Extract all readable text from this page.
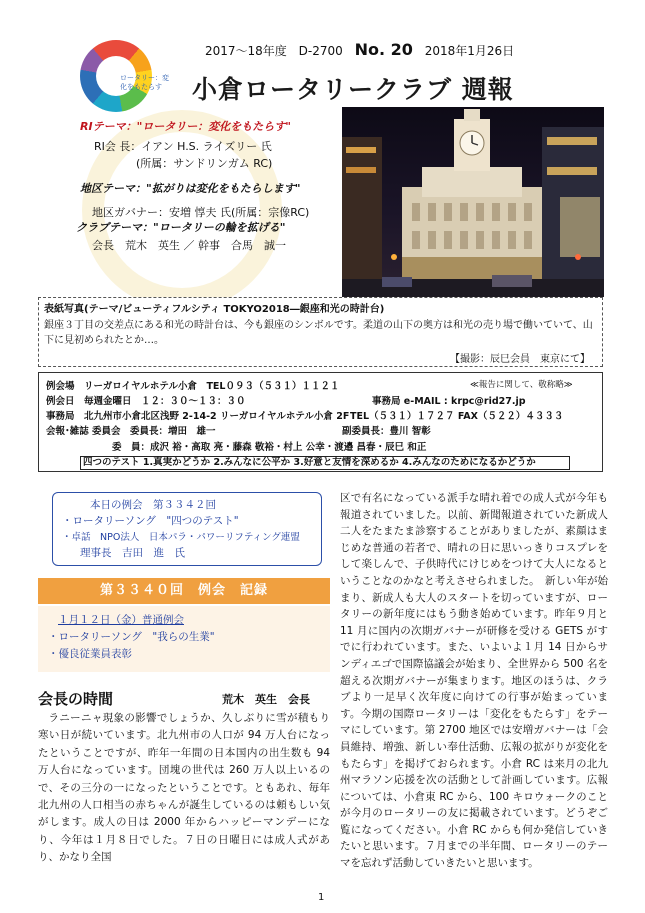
ロータリー：変化をもたらす
2017〜18年度 D-2700 No. 20 2018年1月26日
小倉ロータリークラブ 週報
RIテーマ："ロータリー：変化をもたらす"
RI会 長：イアン H.S. ライズリー 氏
(所属：サンドリンガム RC)
地区テーマ："拡がりは変化をもたらします"
地区ガバナー：安増 惇夫 氏(所属：宗像RC)
クラブテーマ："ロータリーの輪を拡げる"
会長　荒木　英生 ／ 幹事　合馬　誠一
表紙写真(テーマ/ビューティフルシティ TOKYO2018―銀座和光の時計台)
銀座３丁目の交差点にある和光の時計台は、今も銀座のシンボルです。柔道の山下の奥方は和光の売り場で働いていて、山下に見初められたとか…。
【撮影：辰巳会員　東京にて】
例会場　リーガロイヤルホテル小倉　TEL０９３（５３１）１１２１	≪報告に関して、敬称略≫
例会日　毎週金曜日　１２：３０〜１３：３０	事務局 e-MAIL : krpc@rid27.jp
事務局　北九州市小倉北区浅野 2-14-2 リーガロイヤルホテル小倉 2F TEL（５３１）１７２７ FAX（５２２）４３３３
会報･雑誌 委員会　委員長：増田　雄一	副委員長：豊川 智彰
委　員：成沢 裕・高取 亮・藤森 敬裕・村上 公幸・渡邉 昌春・辰巳 和正
四つのテスト 1.真実かどうか 2.みんなに公平か 3.好意と友情を深めるか 4.みんなのためになるかどうか
本日の例会　第３３４２回
・ロータリーソング　"四つのテスト"
・卓話　NPO法人　日本パラ・パワーリフティング連盟
理事長　吉田　進　氏
第３３４０回　例会　記録
１月１２日（金）普通例会
・ロータリーソング　"我らの生業"
・優良従業員表彰
会長の時間	荒木　英生　会長
ラニーニャ現象の影響でしょうか、久しぶりに雪が積もり寒い日が続いています。北九州市の人口が 94 万人台になったということですが、昨年一年間の日本国内の出生数も 94 万人台になっています。団塊の世代は 260 万人以上いるので、その三分の一になったということです。ともあれ、毎年北九州の人口相当の赤ちゃんが誕生しているのは頼もしい気がします。成人の日は 2000 年からハッピーマンデーになり、今年は１月８日でした。７日の日曜日には成人式があり、かなり全国
区で有名になっている派手な晴れ着での成人式が今年も報道されていました。以前、新聞報道されていた新成人二人をたまたま診察することがありましたが、素顔はまじめな普通の若者で、晴れの日に思いっきりコスプレをして楽しんで、子供時代にけじめをつけて大人になるということなのかなと考えさせられました。　新しい年が始まり、新成人も大人のスタートを切っていますが、ロータリーの新年度にはもう動き始めています。昨年９月と 11 月に国内の次期ガバナーが研修を受ける GETS がすでに行われています。また、いよいよ１月 14 日からサンディエゴで国際協議会が始まり、全世界から 500 名を超える次期ガバナーが集まります。地区のほうは、クラブより一足早く次年度に向けての行事が始まっています。今期の国際ロータリーは「変化をもたらす」をテーマにしています。第 2700 地区では安増ガバナーは「会員維持、増強、新しい奉仕活動、広報の拡がりが変化をもたらす」を掲げておられます。小倉 RC は来月の北九州マラソン応援を次の活動として計画しています。広報については、小倉東 RC から、100 キロウォークのことが今月のロータリーの友に掲載されています。どうぞご覧になってください。小倉 RC からも何か発信していきたいと思います。７月までの半年間、ロータリーのテーマを忘れず活動していきたいと思います。
1
